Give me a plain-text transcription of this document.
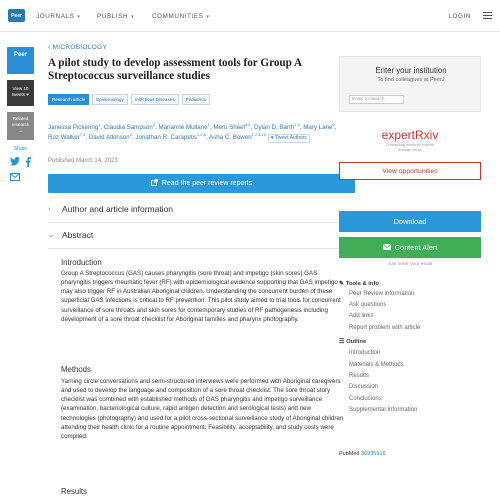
Peer	JOURNALS ▾	PUBLISH ▾	COMMUNITIES ▾	LOGIN
Peer
View 10
tweets ♥
Related
research
→
Share
‹ MICROBIOLOGY
A pilot study to develop assessment tools for Group A Streptococcus surveillance studies
Research article	Epidemiology	Infectious Diseases	Pediatrics
Janessa Pickering$^1$, Claudia Sampson$^2$, Marianne Mullane$^1$, Meru Sheel$^{3,4}$, Dylan D. Barth$^{1,5}$, Mary Lane$^6$, Roz Walker$^{7,4}$, David Atkinson$^2$, Jonathan R. Carapetis$^{1,2,6}$, Asha C. Bowen$^{1,2,8,10}$ ♥ Tweet Authors
Published March 14, 2023
Read the peer review reports
›	Author and article information
⌄ Abstract
Introduction
Group A Streptococcus (GAS) causes pharyngitis (sore throat) and impetigo (skin sores) GAS pharyngitis triggers rheumatic fever (RF) with epidemiological evidence supporting that GAS impetigo may also trigger RF in Australian Aboriginal children. Understanding the concurrent burden of these superficial GAS infections is critical to RF prevention. This pilot study aimed to trial tools for concurrent surveillance of sore throats and skin sores for contemporary studies of RF pathogenesis including development of a sore throat checklist for Aboriginal families and pharynx photography.
Methods
Yarning circle conversations and semi-structured interviews were performed with Aboriginal caregivers and used to develop the language and composition of a sore throat checklist. The sore throat story checklist was combined with established methods of GAS pharyngitis and impetigo surveillance (examination, bacteriological culture, rapid antigen detection and serological tests) and new technologies (photography) and used for a pilot cross-sectional surveillance study of Aboriginal children attending their health clinic for a routine appointment. Feasibility, acceptability, and study costs were compiled.
Results
Enter your institution
To find colleagues at PeerJ
Enter to search
expertRxiv
Connecting research experts
through ideas
View opportunities
Download
Content Alert
Just enter your email
✎ Tools & info
Peer Review information
Ask questions
Add links
Report problem with article
☰ Outline
Introduction
Materials & Methods
Results
Discussion
Conclusions
Supplemental Information
PubMed 36935916
